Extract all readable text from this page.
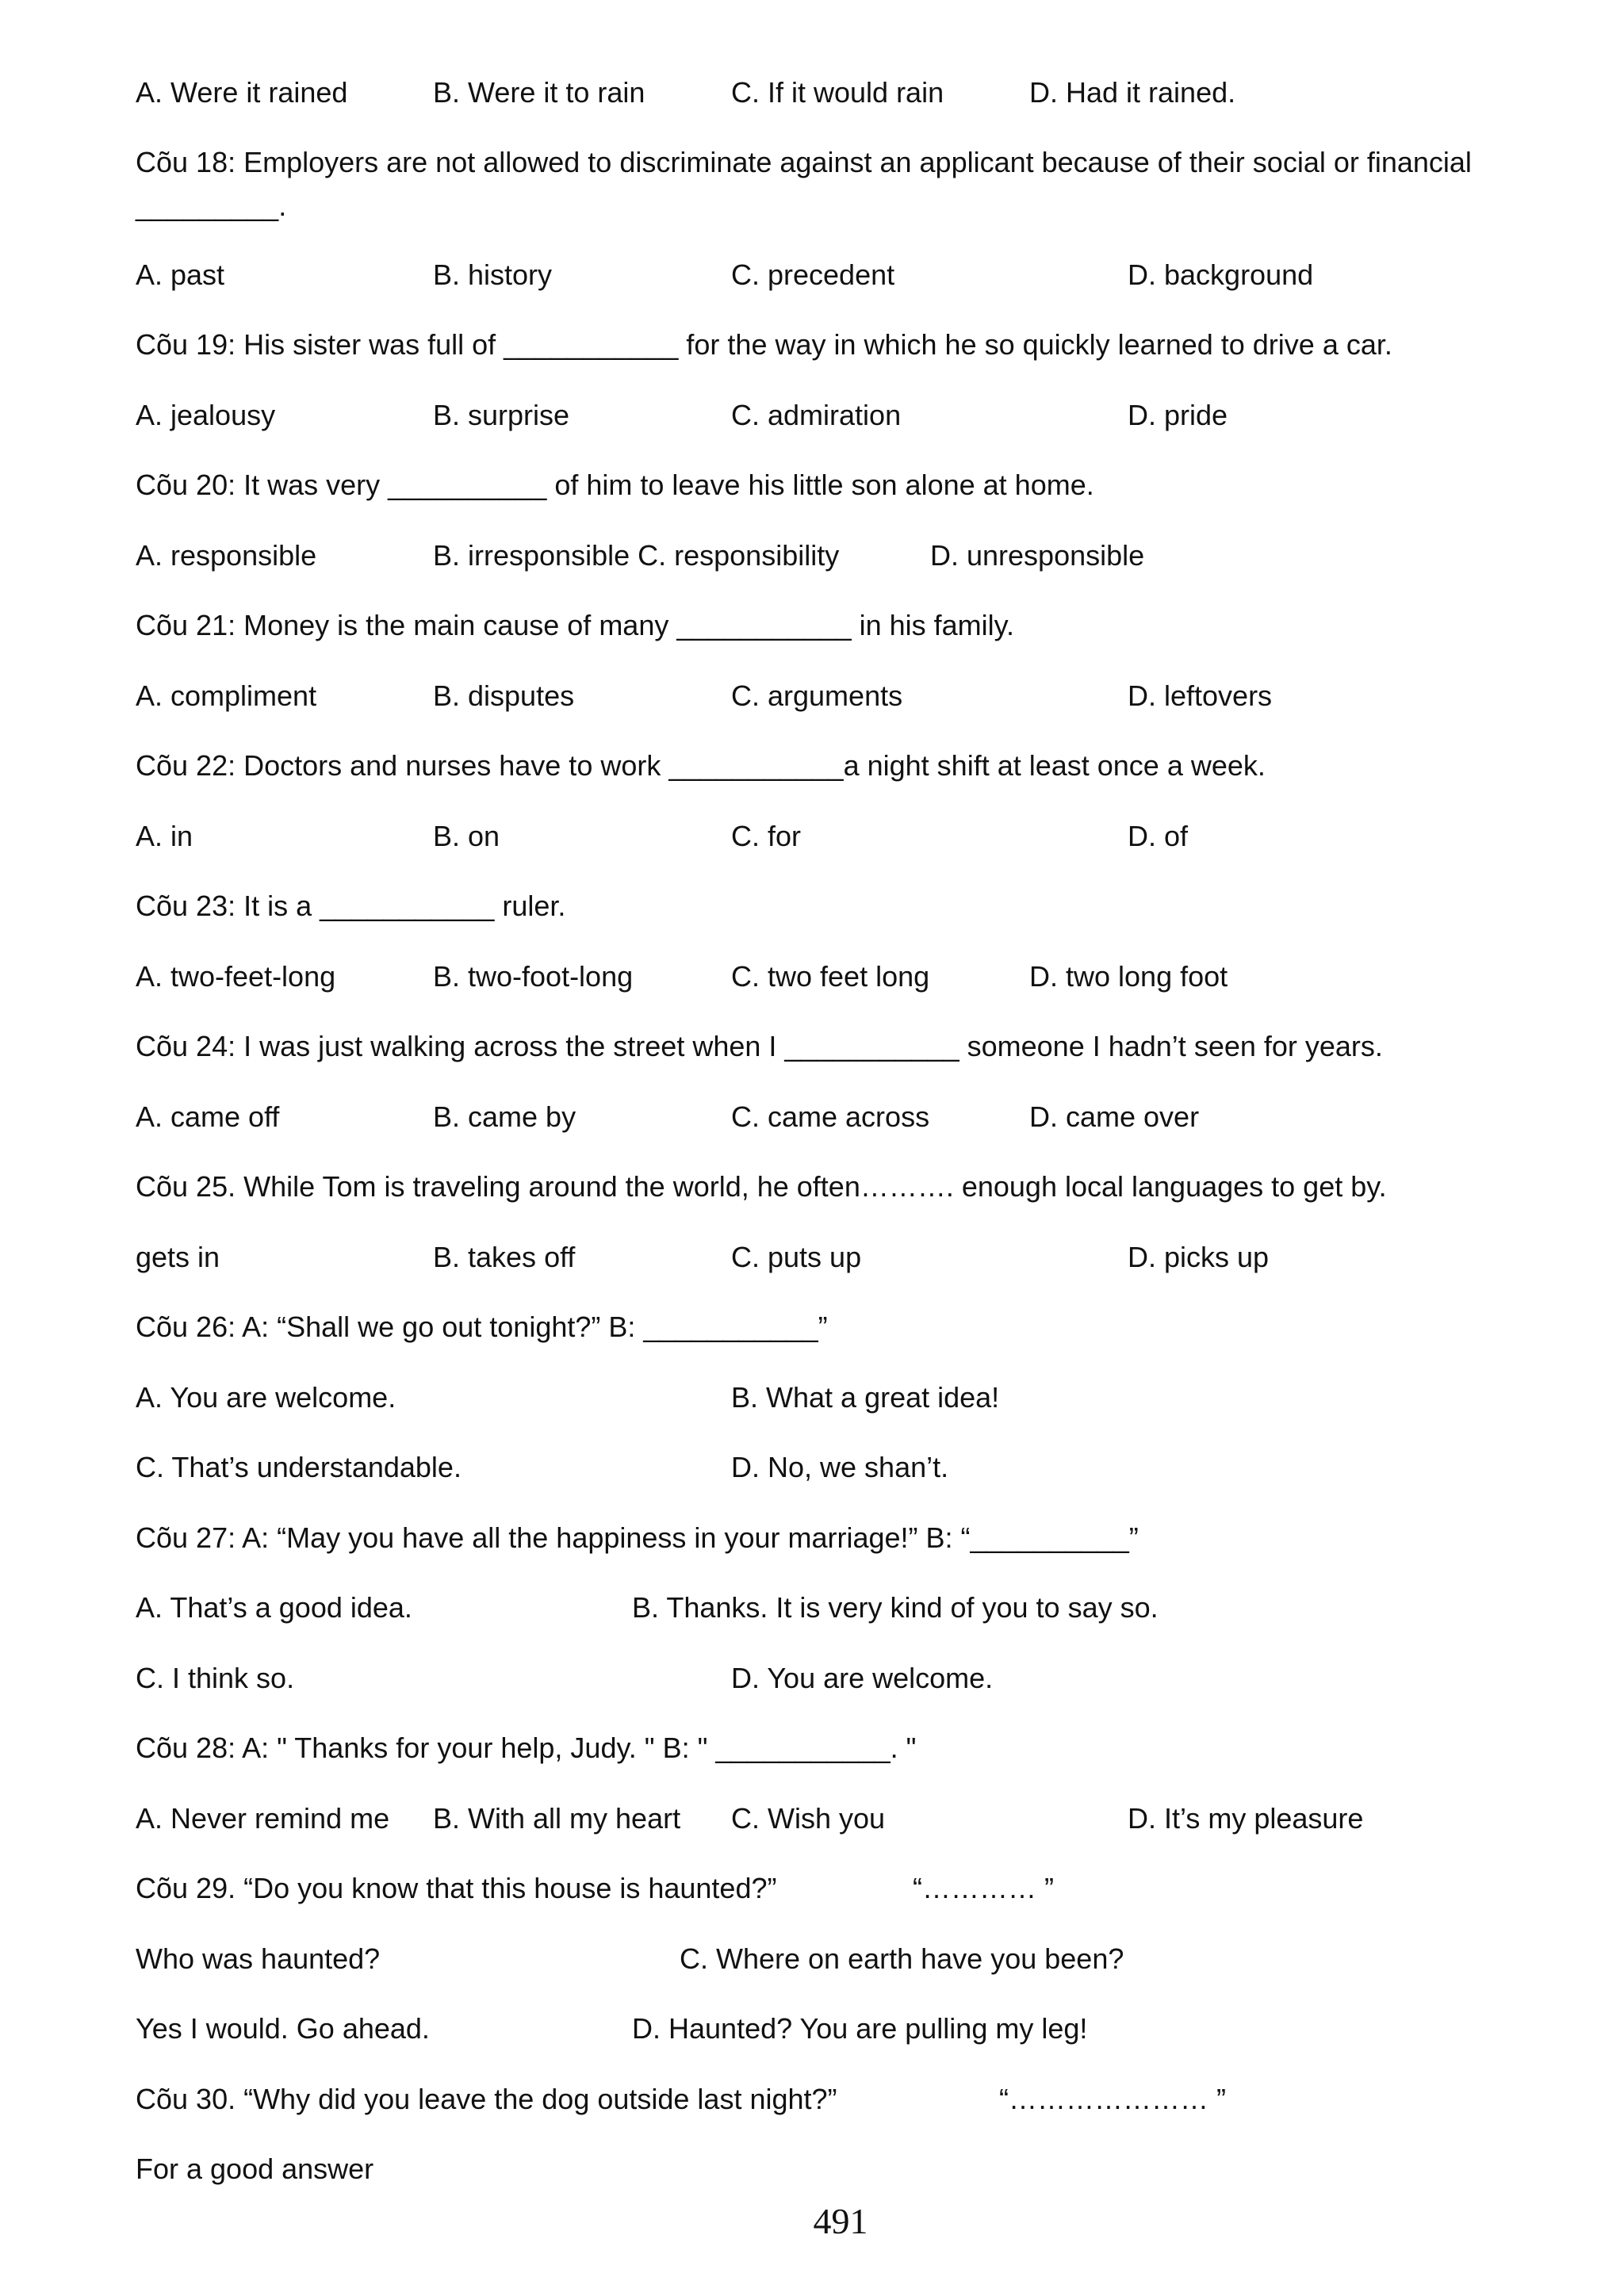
A. Were it rained	B. Were it to rain	C. If it would rain	D. Had it rained.
Cõu 18: Employers are not allowed to discriminate against an applicant because of their social or financial
_________.
A. past	B. history	C. precedent	D. background
Cõu 19: His sister was full of ___________ for the way in which he so quickly learned to drive a car.
A. jealousy	B. surprise	C. admiration	D. pride
Cõu 20: It was very __________ of him to leave his little son alone at home.
A. responsible	B. irresponsible C. responsibility	D. unresponsible
Cõu 21: Money is the main cause of many ___________ in his family.
A. compliment	B. disputes	C. arguments	D. leftovers
Cõu 22: Doctors and nurses have to work ___________a night shift at least once a week.
A. in	B. on	C. for	D. of
Cõu 23: It is a ___________ ruler.
A. two-feet-long	B. two-foot-long	C. two feet long	D. two long foot
Cõu 24: I was just walking across the street when I ___________ someone I hadn’t seen for years.
A. came off	B. came by	C. came across	D. came over
Cõu 25. While Tom is traveling around the world, he often………. enough local languages to get by.
gets in	B. takes off	C. puts up	D. picks up
Cõu 26: A: “Shall we go out tonight?” B: ___________”
A. You are welcome.	B. What a great idea!
C. That’s understandable.	D. No, we shan’t.
Cõu 27: A: “May you have all the happiness in your marriage!” B: “__________”
A. That’s a good idea.	B. Thanks. It is very kind of you to say so.
C. I think so.	D. You are welcome.
Cõu 28: A: " Thanks for your help, Judy. " B: " ___________. "
A. Never remind me B. With all my heart C. Wish you	D. It’s my pleasure
Cõu 29. “Do you know that this house is haunted?”	“………… ”
Who was haunted?	C. Where on earth have you been?
Yes I would. Go ahead.	D. Haunted? You are pulling my leg!
Cõu 30. “Why did you leave the dog outside last night?”	“………………… ”
For a good answer
491
